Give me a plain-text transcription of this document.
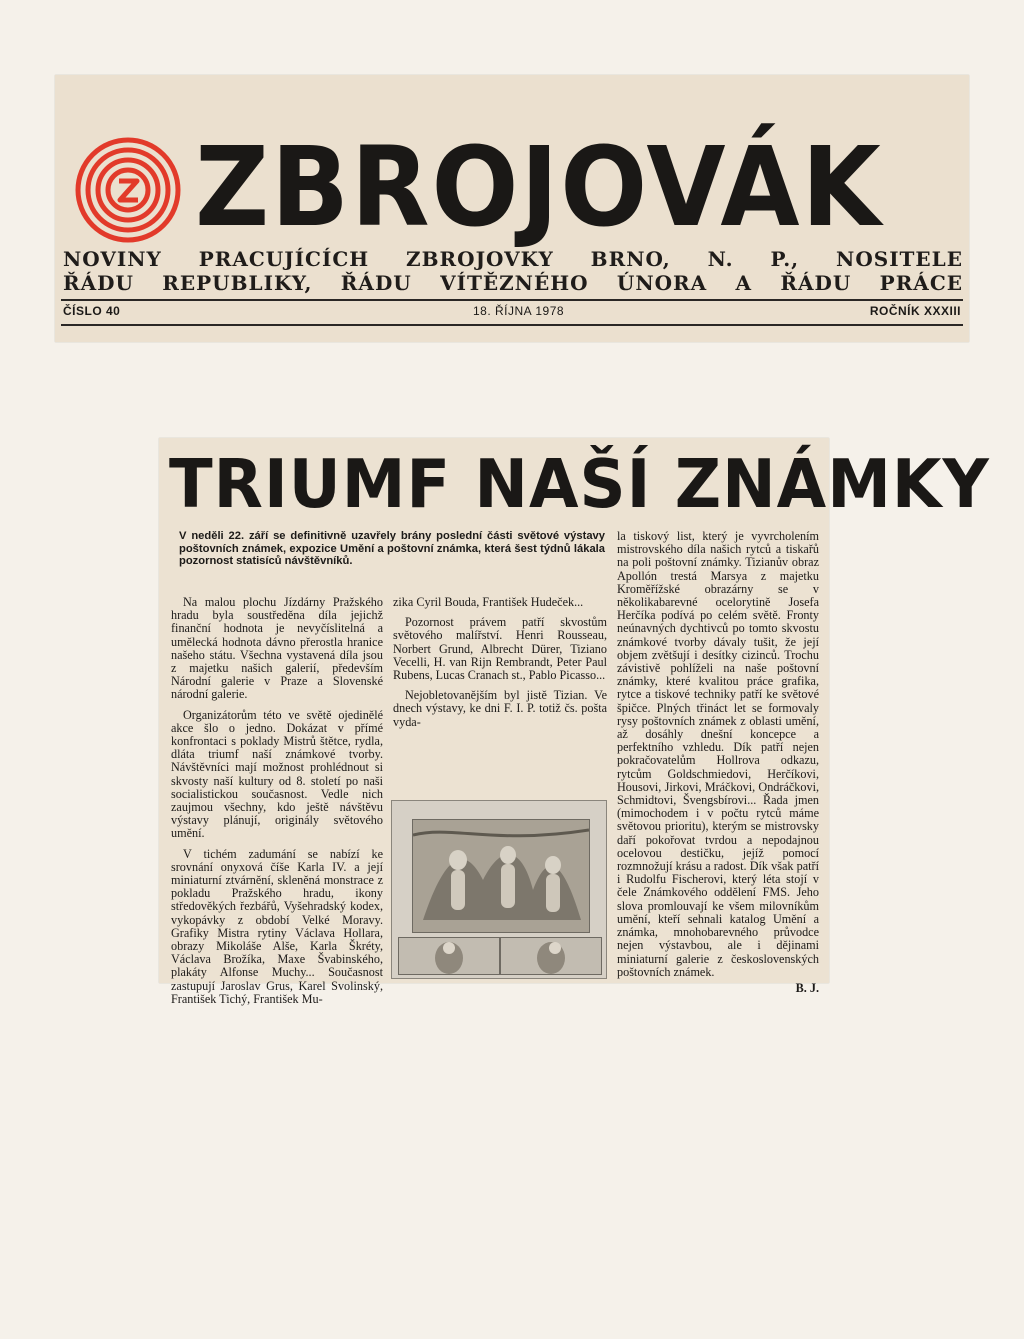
ZBROJOVÁK
NOVINY PRACUJÍCÍCH ZBROJOVKY BRNO, N. P., NOSITELE
ŘÁDU REPUBLIKY, ŘÁDU VÍTĚZNÉHO ÚNORA A ŘÁDU PRÁCE
ČÍSLO 40	18. ŘÍJNA 1978	ROČNÍK XXXIII
TRIUMF NAŠÍ ZNÁMKY
V neděli 22. září se definitivně uzavřely brány poslední části světové výstavy poštovních známek, expozice Umění a poštovní známka, která šest týdnů lákala pozornost statisíců návštěvníků.

Na malou plochu Jízdárny Pražského hradu byla soustředěna díla jejichž finanční hodnota je nevyčíslitelná a umělecká hodnota dávno přerostla hranice našeho státu. Všechna vystavená díla jsou z majetku našich galerií, především Národní galerie v Praze a Slovenské národní galerie.

Organizátorům této ve světě ojedinělé akce šlo o jedno. Dokázat v přímé konfrontaci s poklady Mistrů štětce, rydla, dláta triumf naší známkové tvorby. Návštěvníci mají možnost prohlédnout si skvosty naší kultury od 8. století po naši socialistickou současnost. Vedle nich zaujmou všechny, kdo ještě návštěvu výstavy plánují, originály světového umění.

V tichém zadumání se nabízí ke srovnání onyxová číše Karla IV. a její miniaturní ztvárnění, skleněná monstrace z pokladu Pražského hradu, ikony středověkých řezbářů, Vyšehradský kodex, vykopávky z období Velké Moravy. Grafiky Mistra rytiny Václava Hollara, obrazy Mikoláše Alše, Karla Škréty, Václava Brožíka, Maxe Švabinského, plakáty Alfonse Muchy... Současnost zastupují Jaroslav Grus, Karel Svolinský, František Tichý, František Mu-

zika Cyril Bouda, František Hudeček...

Pozornost právem patří skvostům světového malířství. Henri Rousseau, Norbert Grund, Albrecht Dürer, Tiziano Vecelli, H. van Rijn Rembrandt, Peter Paul Rubens, Lucas Cranach st., Pablo Picasso...

Nejobletovanějším byl jistě Tizian. Ve dnech výstavy, ke dni F. I. P. totiž čs. pošta vyda-

la tiskový list, který je vyvrcholením mistrovského díla našich rytců a tiskařů na poli poštovní známky. Tizianův obraz Apollón trestá Marsya z majetku Kroměřížské obrazárny se v několikabarevné ocelorytině Josefa Herčíka podívá po celém světě. Fronty neúnavných dychtivců po tomto skvostu známkové tvorby dávaly tušit, že její objem zvětšují i desítky cizinců. Trochu závistivě pohlíželi na naše poštovní známky, které kvalitou práce grafika, rytce a tiskové techniky patří ke světové špičce. Plných třináct let se formovaly rysy poštovních známek z oblasti umění, až dosáhly dnešní koncepce a perfektního vzhledu. Dík patří nejen pokračovatelům Hollrova odkazu, rytcům Goldschmiedovi, Herčíkovi, Housovi, Jirkovi, Mráčkovi, Ondráčkovi, Schmidtovi, Švengsbírovi... Řada jmen (mimochodem i v počtu rytců máme světovou prioritu), kterým se mistrovsky daří pokořovat tvrdou a nepodajnou ocelovou destičku, jejíž pomocí rozmnožují krásu a radost. Dík však patří i Rudolfu Fischerovi, který léta stojí v čele Známkového oddělení FMS. Jeho slova promlouvají ke všem milovníkům umění, kteří sehnali katalog Umění a známka, mnohobarevného průvodce nejen výstavbou, ale i dějinami miniaturní galerie z československých poštovních známek.
B. J.
